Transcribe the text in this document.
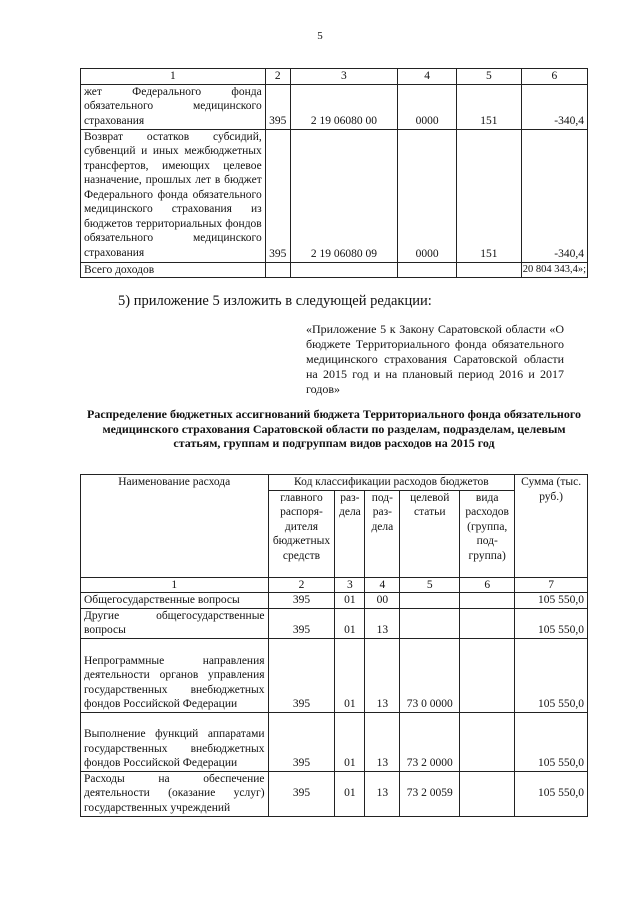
5
1	2	3	4	5	6
жет Федерального фонда обязательного медицинского страхования	395	2 19 06080 00	0000	151	-340,4
Возврат остатков субсидий, субвенций и иных межбюджетных трансфертов, имеющих целевое назначение, прошлых лет в бюджет Федерального фонда обязательного медицинского страхования из бюджетов территориальных фондов обязательного медицинского страхования	395	2 19 06080 09	0000	151	-340,4
Всего доходов					20 804 343,4»;
5) приложение 5 изложить в следующей редакции:
«Приложение 5 к Закону Саратовской области «О бюджете Территориального фонда обязательного медицинского страхования Саратовской области на 2015 год и на плановый период 2016 и 2017 годов»
Распределение бюджетных ассигнований бюджета Территориального фонда обязательного медицинского страхования Саратовской области по разделам, подразделам, целевым статьям, группам и подгруппам видов расходов на 2015 год
Наименование расхода	Код классификации расходов бюджетов					Сумма (тыс. руб.)
	главного распорядителя бюджетных средств	раздела	подраздела	целевой статьи	вида расходов (группа, подгруппа)	
1	2	3	4	5	6	7
Общегосударственные вопросы	395	01	00			105 550,0
Другие общегосударственные вопросы	395	01	13			105 550,0
Непрограммные направления деятельности органов управления государственных внебюджетных фондов Российской Федерации	395	01	13	73 0 0000		105 550,0
Выполнение функций аппаратами государственных внебюджетных фондов Российской Федерации	395	01	13	73 2 0000		105 550,0
Расходы на обеспечение деятельности (оказание услуг) государственных учреждений	395	01	13	73 2 0059		105 550,0
